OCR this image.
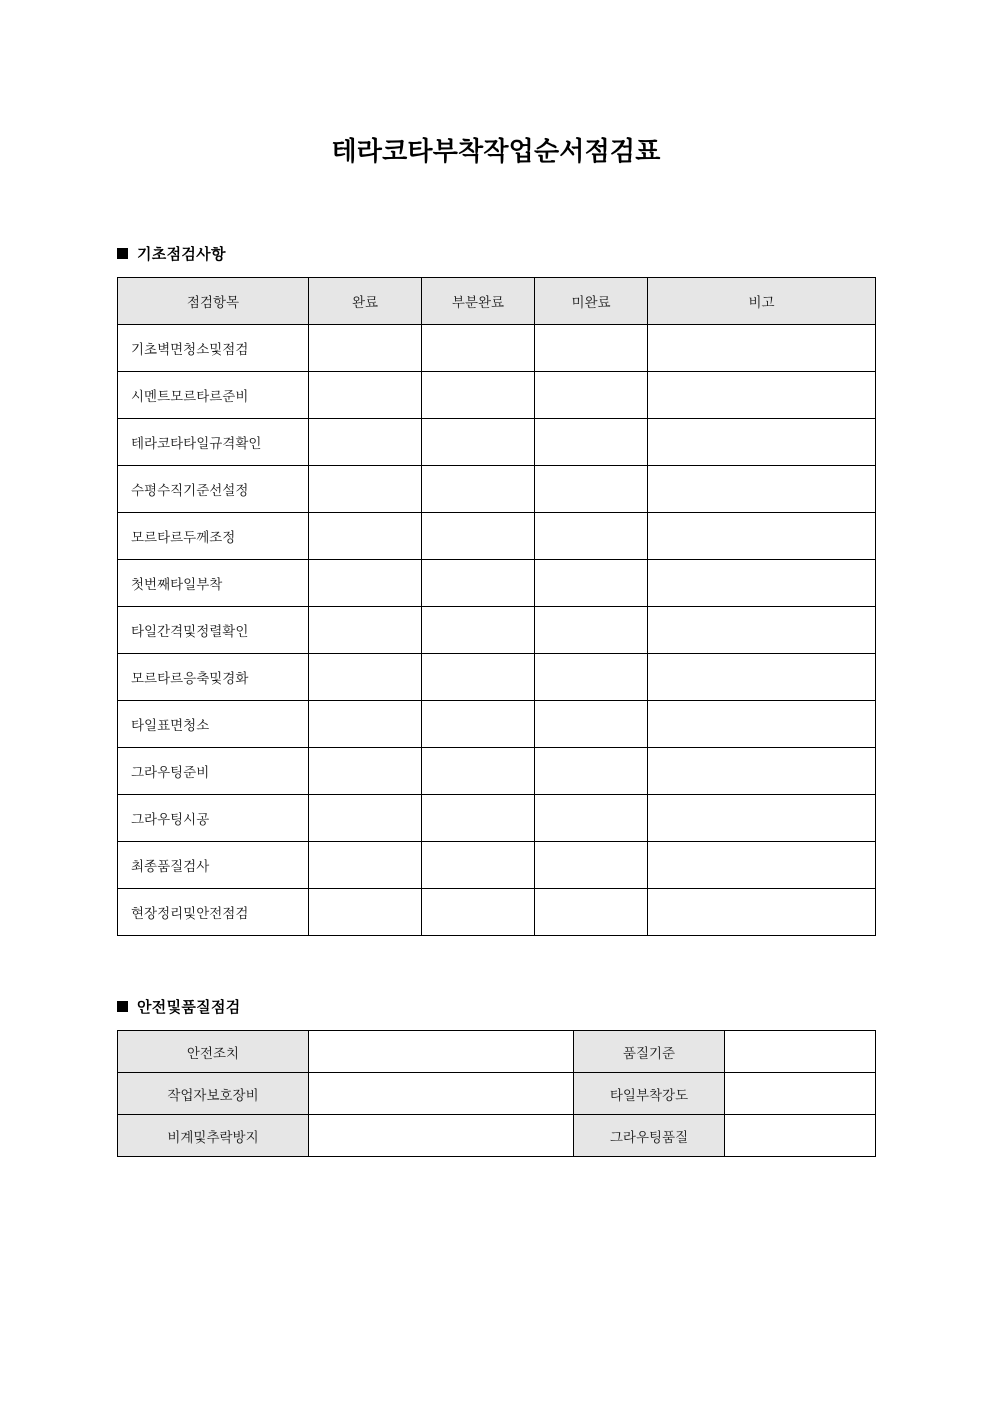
테라코타부착작업순서점검표
기초점검사항
점검항목	완료	부분완료	미완료	비고
기초벽면청소및점검				
시멘트모르타르준비				
테라코타타일규격확인				
수평수직기준선설정				
모르타르두께조정				
첫번째타일부착				
타일간격및정렬확인				
모르타르응축및경화				
타일표면청소				
그라우팅준비				
그라우팅시공				
최종품질검사				
현장정리및안전점검				
안전및품질점검
안전조치		품질기준	
작업자보호장비		타일부착강도	
비계및추락방지		그라우팅품질	
